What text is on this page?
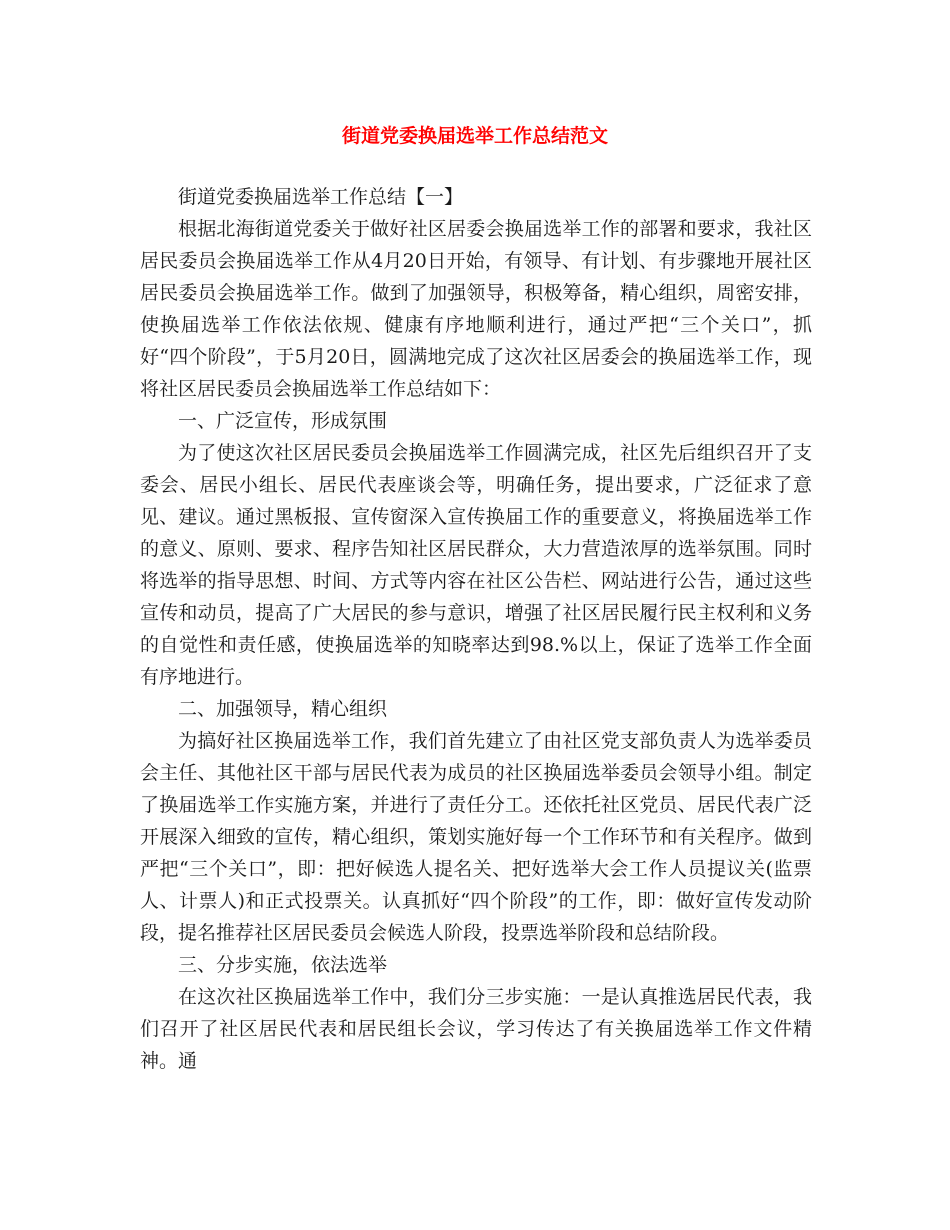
街道党委换届选举工作总结范文

街道党委换届选举工作总结【一】

根据北海街道党委关于做好社区居委会换届选举工作的部署和要求，我社区居民委员会换届选举工作从4月20日开始，有领导、有计划、有步骤地开展社区居民委员会换届选举工作。做到了加强领导，积极筹备，精心组织，周密安排，使换届选举工作依法依规、健康有序地顺利进行，通过严把“三个关口”，抓好“四个阶段”，于5月20日，圆满地完成了这次社区居委会的换届选举工作，现将社区居民委员会换届选举工作总结如下：

一、广泛宣传，形成氛围

为了使这次社区居民委员会换届选举工作圆满完成，社区先后组织召开了支委会、居民小组长、居民代表座谈会等，明确任务，提出要求，广泛征求了意见、建议。通过黑板报、宣传窗深入宣传换届工作的重要意义，将换届选举工作的意义、原则、要求、程序告知社区居民群众，大力营造浓厚的选举氛围。同时将选举的指导思想、时间、方式等内容在社区公告栏、网站进行公告，通过这些宣传和动员，提高了广大居民的参与意识，增强了社区居民履行民主权利和义务的自觉性和责任感，使换届选举的知晓率达到98.%以上，保证了选举工作全面有序地进行。

二、加强领导，精心组织

为搞好社区换届选举工作，我们首先建立了由社区党支部负责人为选举委员会主任、其他社区干部与居民代表为成员的社区换届选举委员会领导小组。制定了换届选举工作实施方案，并进行了责任分工。还依托社区党员、居民代表广泛开展深入细致的宣传，精心组织，策划实施好每一个工作环节和有关程序。做到严把“三个关口”，即：把好候选人提名关、把好选举大会工作人员提议关(监票人、计票人)和正式投票关。认真抓好“四个阶段”的工作，即：做好宣传发动阶段，提名推荐社区居民委员会候选人阶段，投票选举阶段和总结阶段。

三、分步实施，依法选举

在这次社区换届选举工作中，我们分三步实施：一是认真推选居民代表，我们召开了社区居民代表和居民组长会议，学习传达了有关换届选举工作文件精神。通
